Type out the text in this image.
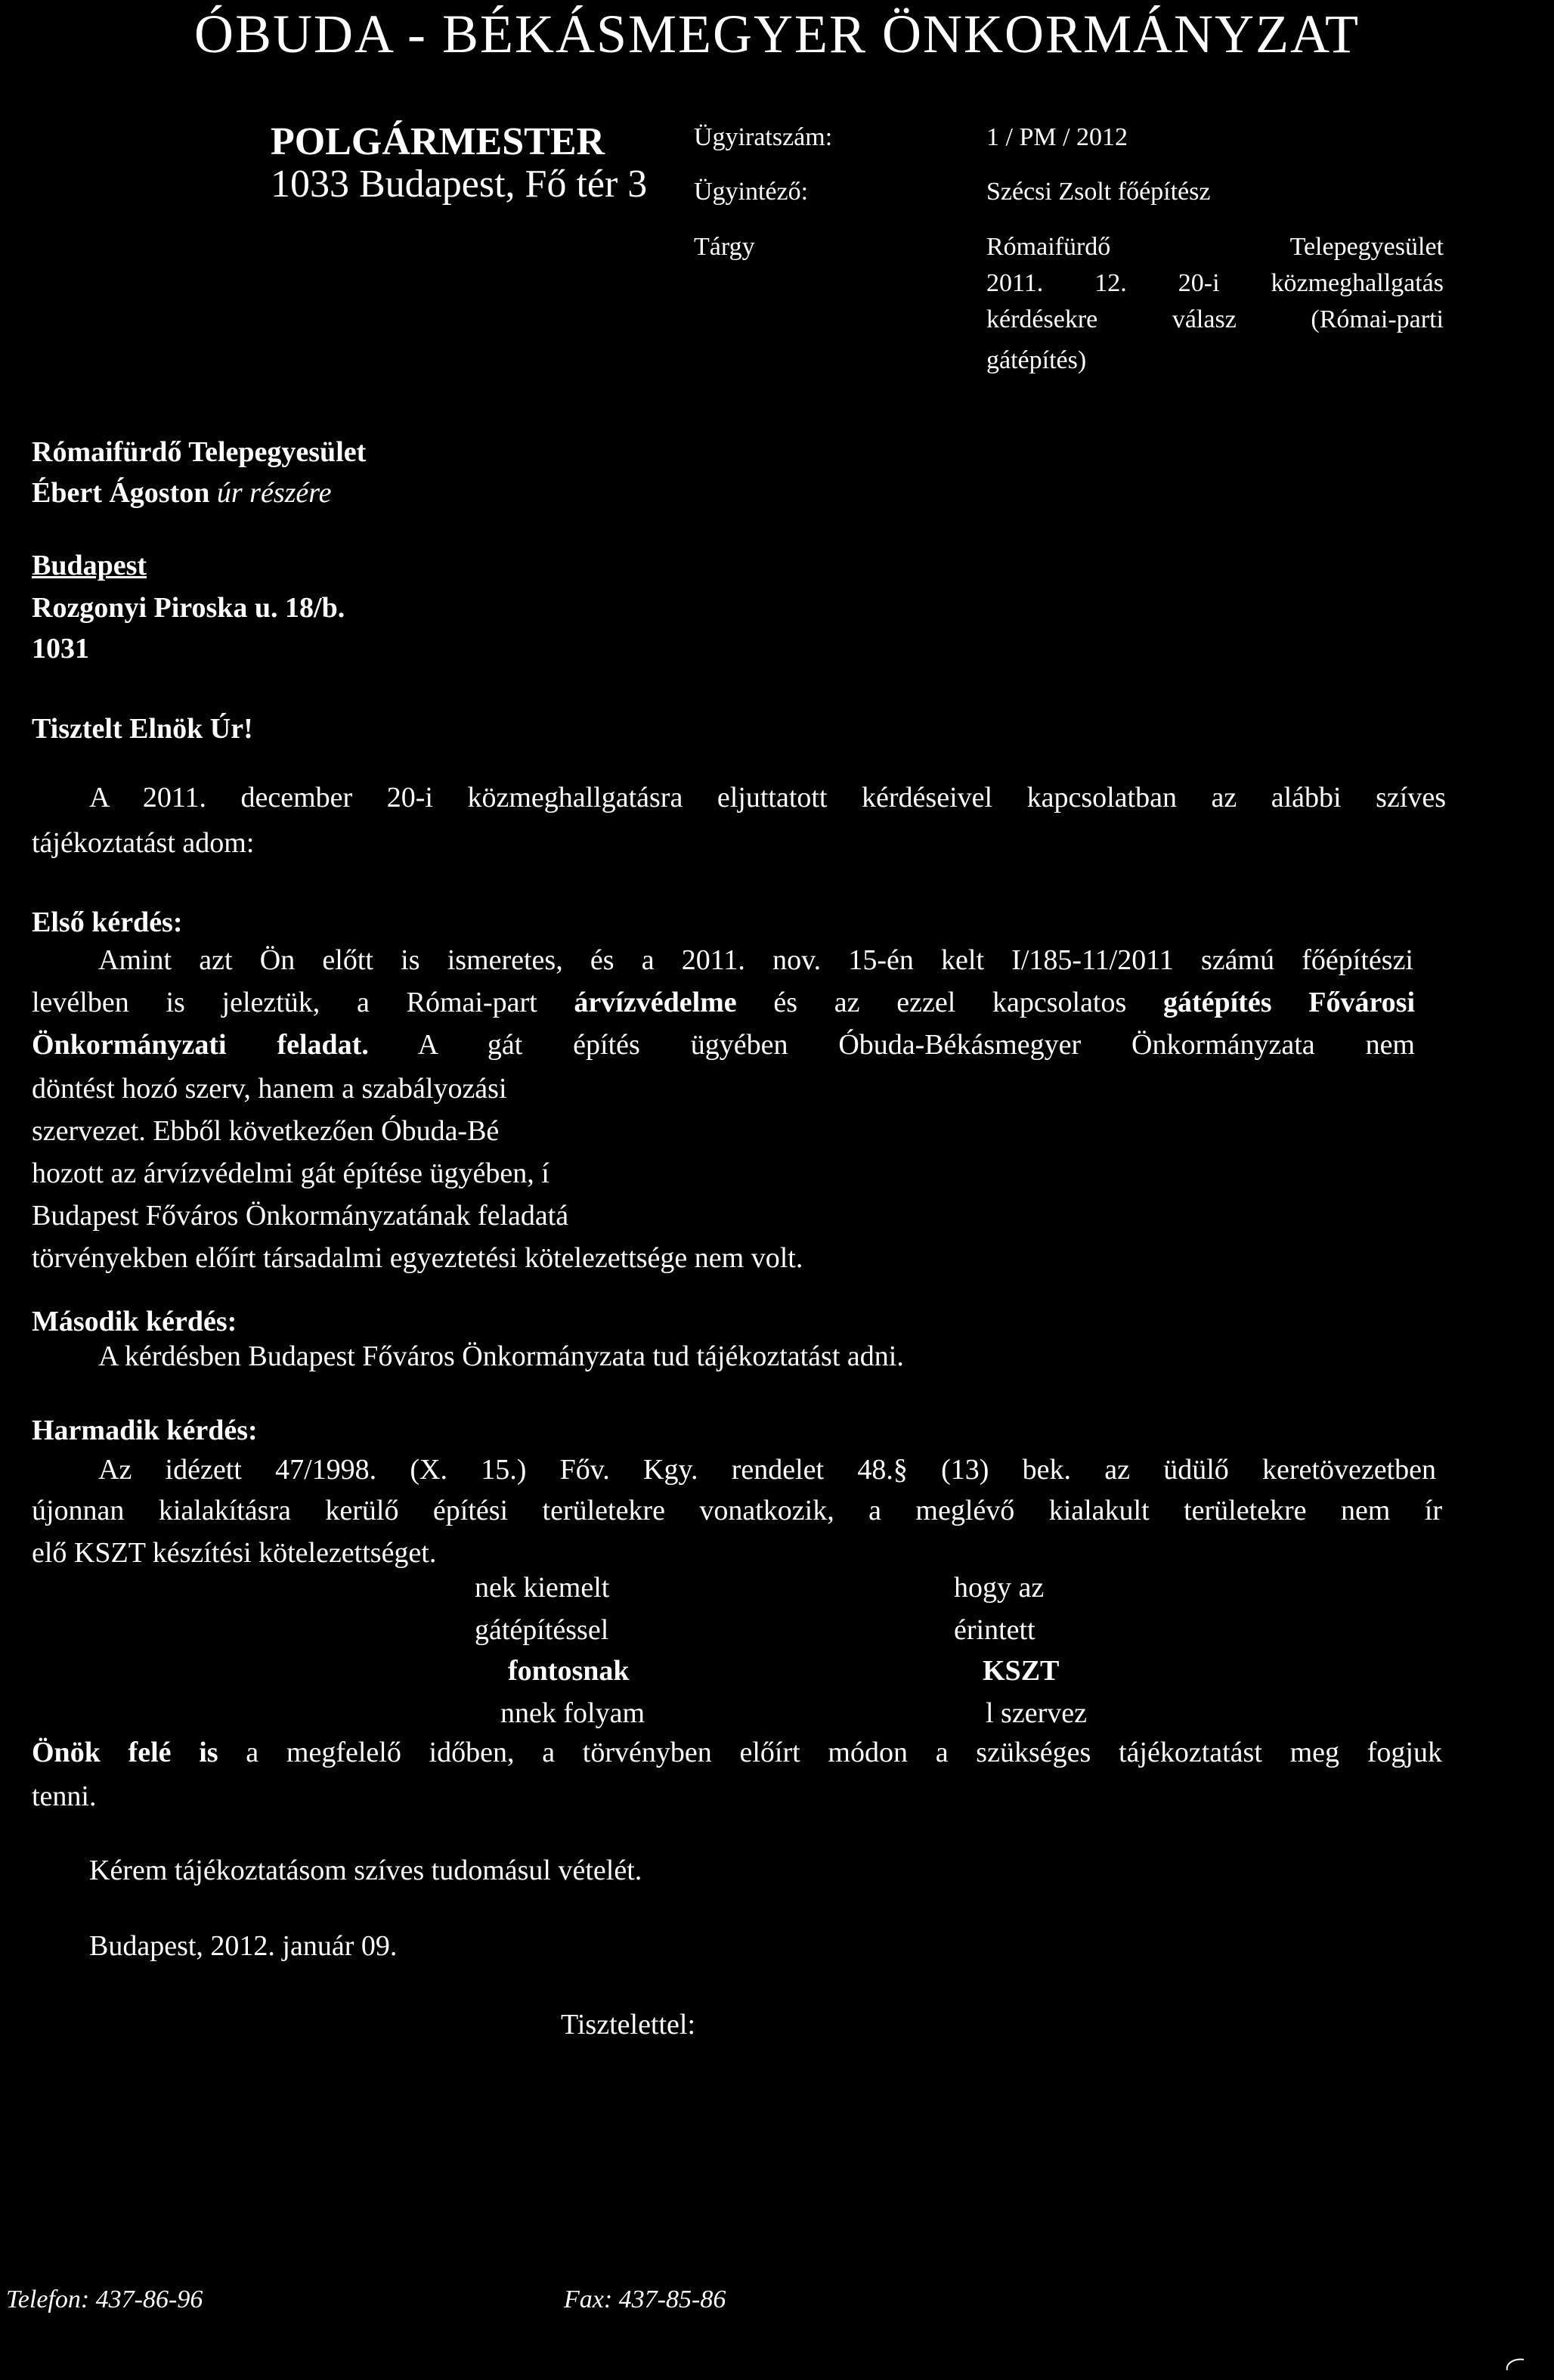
ÓBUDA - BÉKÁSMEGYER ÖNKORMÁNYZAT
POLGÁRMESTER
1033 Budapest, Fő tér 3
Ügyiratszám:	1 / PM / 2012
Ügyintéző:	Szécsi Zsolt főépítész
Tárgy	Rómaifürdő Telepegyesület
2011. 12. 20-i közmeghallgatás
kérdésekre válasz (Római-parti
gátépítés)
Rómaifürdő Telepegyesület
Ébert Ágoston úr részére
Budapest
Rozgonyi Piroska u. 18/b.
1031
Tisztelt Elnök Úr!
A 2011. december 20-i közmeghallgatásra eljuttatott kérdéseivel kapcsolatban az alábbi szíves
tájékoztatást adom:
Első kérdés:
Amint azt Ön előtt is ismeretes, és a 2011. nov. 15-én kelt I/185-11/2011 számú főépítészi
levélben is jeleztük, a Római-part árvízvédelme és az ezzel kapcsolatos gátépítés Fővárosi
Önkormányzati feladat. A gát építés ügyében Óbuda-Békásmegyer Önkormányzata nem
döntést hozó szerv, hanem a szabályozási
szervezet. Ebből következően Óbuda-Bé
hozott az árvízvédelmi gát építése ügyében, í
Budapest Főváros Önkormányzatának feladatá
törvényekben előírt társadalmi egyeztetési kötelezettsége nem volt.
Második kérdés:
A kérdésben Budapest Főváros Önkormányzata tud tájékoztatást adni.
Harmadik kérdés:
Az idézett 47/1998. (X. 15.) Főv. Kgy. rendelet 48.§ (13) bek. az üdülő keretövezetben
újonnan kialakításra kerülő építési területekre vonatkozik, a meglévő kialakult területekre nem ír
elő KSZT készítési kötelezettséget.
nek kiemelt	hogy az
gátépítéssel	érintett
fontosnak	KSZT
nnek folyam	l szervez
Önök felé is a megfelelő időben, a törvényben előírt módon a szükséges tájékoztatást meg fogjuk
tenni.
Kérem tájékoztatásom szíves tudomásul vételét.
Budapest, 2012. január 09.
Tisztelettel:
Telefon: 437-86-96	Fax: 437-85-86
